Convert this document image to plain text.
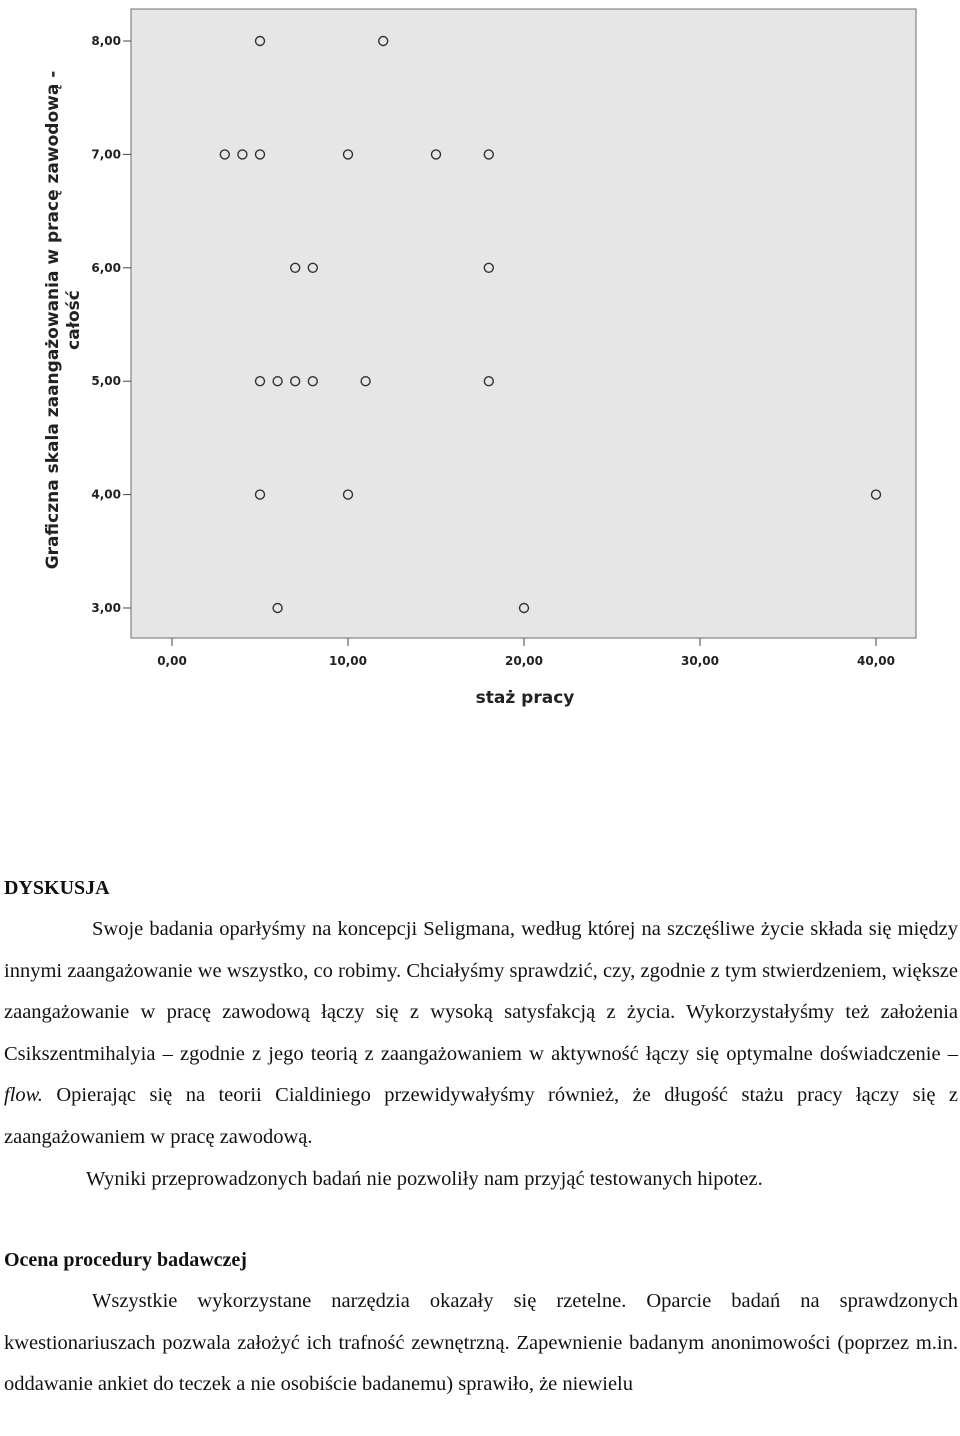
0,00	10,00	20,00	30,00	40,00
3,00
4,00
5,00
6,00
7,00
8,00
staż pracy
Graficzna skala zaangażowania w pracę zawodową - całość
DYSKUSJA

Swoje badania oparłyśmy na koncepcji Seligmana, według której na szczęśliwe życie składa się między innymi zaangażowanie we wszystko, co robimy. Chciałyśmy sprawdzić, czy, zgodnie z tym stwierdzeniem, większe zaangażowanie w pracę zawodową łączy się z wysoką satysfakcją z życia. Wykorzystałyśmy też założenia Csikszentmihalyia – zgodnie z jego teorią z zaangażowaniem w aktywność łączy się optymalne doświadczenie – flow. Opierając się na teorii Cialdiniego przewidywałyśmy również, że długość stażu pracy łączy się z zaangażowaniem w pracę zawodową.

Wyniki przeprowadzonych badań nie pozwoliły nam przyjąć testowanych hipotez.

Ocena procedury badawczej

Wszystkie wykorzystane narzędzia okazały się rzetelne. Oparcie badań na sprawdzonych kwestionariuszach pozwala założyć ich trafność zewnętrzną. Zapewnienie badanym anonimowości (poprzez m.in. oddawanie ankiet do teczek a nie osobiście badanemu) sprawiło, że niewielu
